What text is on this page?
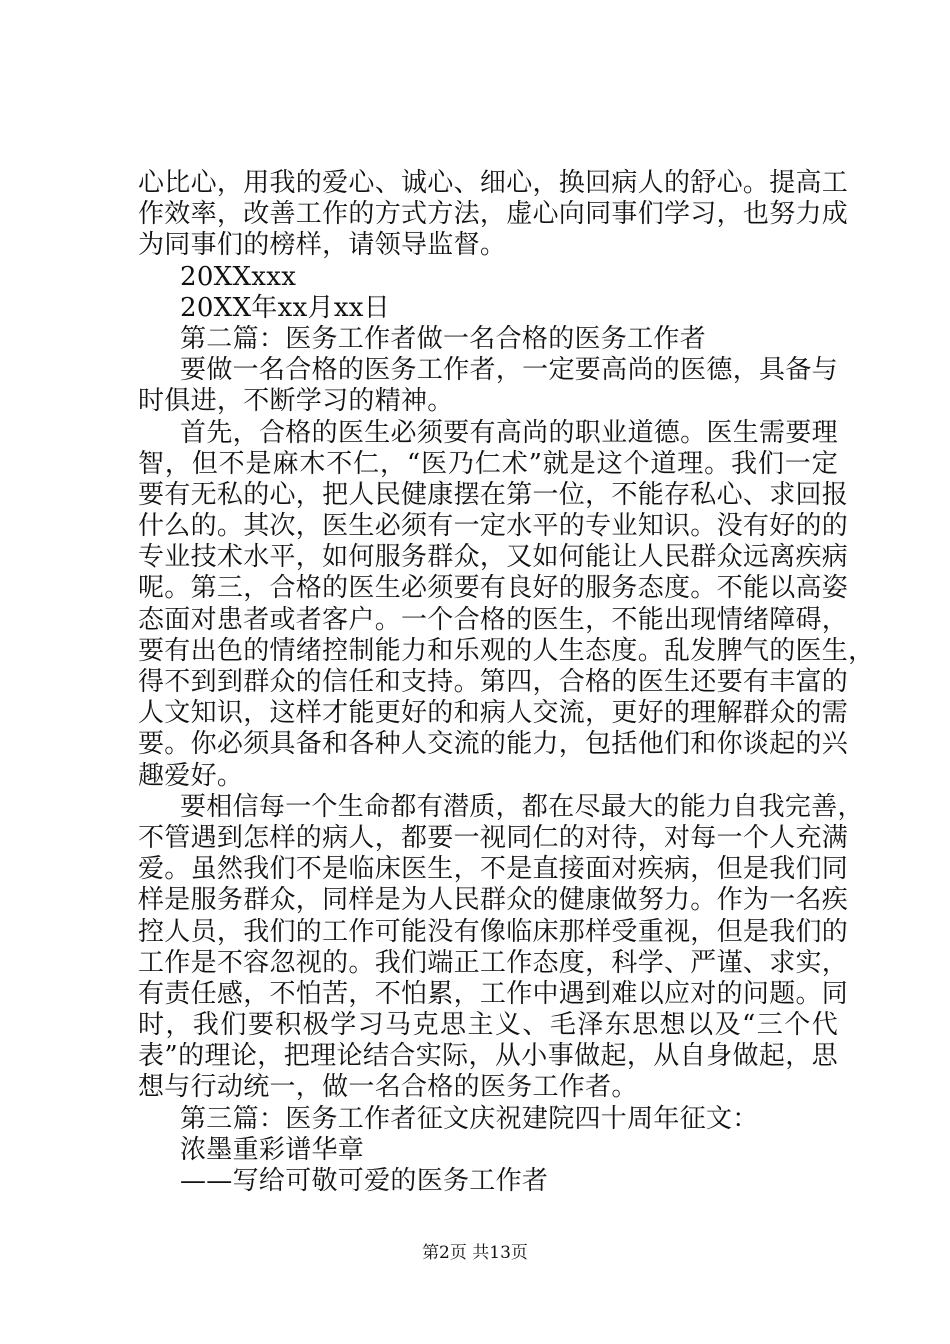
心比心，用我的爱心、诚心、细心，换回病人的舒心。提高工
作效率，改善工作的方式方法，虚心向同事们学习，也努力成
为同事们的榜样，请领导监督。
20XXxxx
20XX年xx月xx日
第二篇：医务工作者做一名合格的医务工作者
要做一名合格的医务工作者，一定要高尚的医德，具备与
时俱进，不断学习的精神。
首先，合格的医生必须要有高尚的职业道德。医生需要理
智，但不是麻木不仁，“医乃仁术”就是这个道理。我们一定
要有无私的心，把人民健康摆在第一位，不能存私心、求回报
什么的。其次，医生必须有一定水平的专业知识。没有好的的
专业技术水平，如何服务群众，又如何能让人民群众远离疾病
呢。第三，合格的医生必须要有良好的服务态度。不能以高姿
态面对患者或者客户。一个合格的医生，不能出现情绪障碍，
要有出色的情绪控制能力和乐观的人生态度。乱发脾气的医生，
得不到到群众的信任和支持。第四，合格的医生还要有丰富的
人文知识，这样才能更好的和病人交流，更好的理解群众的需
要。你必须具备和各种人交流的能力，包括他们和你谈起的兴
趣爱好。
要相信每一个生命都有潜质，都在尽最大的能力自我完善，
不管遇到怎样的病人，都要一视同仁的对待，对每一个人充满
爱。虽然我们不是临床医生，不是直接面对疾病，但是我们同
样是服务群众，同样是为人民群众的健康做努力。作为一名疾
控人员，我们的工作可能没有像临床那样受重视，但是我们的
工作是不容忽视的。我们端正工作态度，科学、严谨、求实，
有责任感，不怕苦，不怕累，工作中遇到难以应对的问题。同
时，我们要积极学习马克思主义、毛泽东思想以及“三个代
表”的理论，把理论结合实际，从小事做起，从自身做起，思
想与行动统一，做一名合格的医务工作者。
第三篇：医务工作者征文庆祝建院四十周年征文：
浓墨重彩谱华章
——写给可敬可爱的医务工作者
第2页 共13页
